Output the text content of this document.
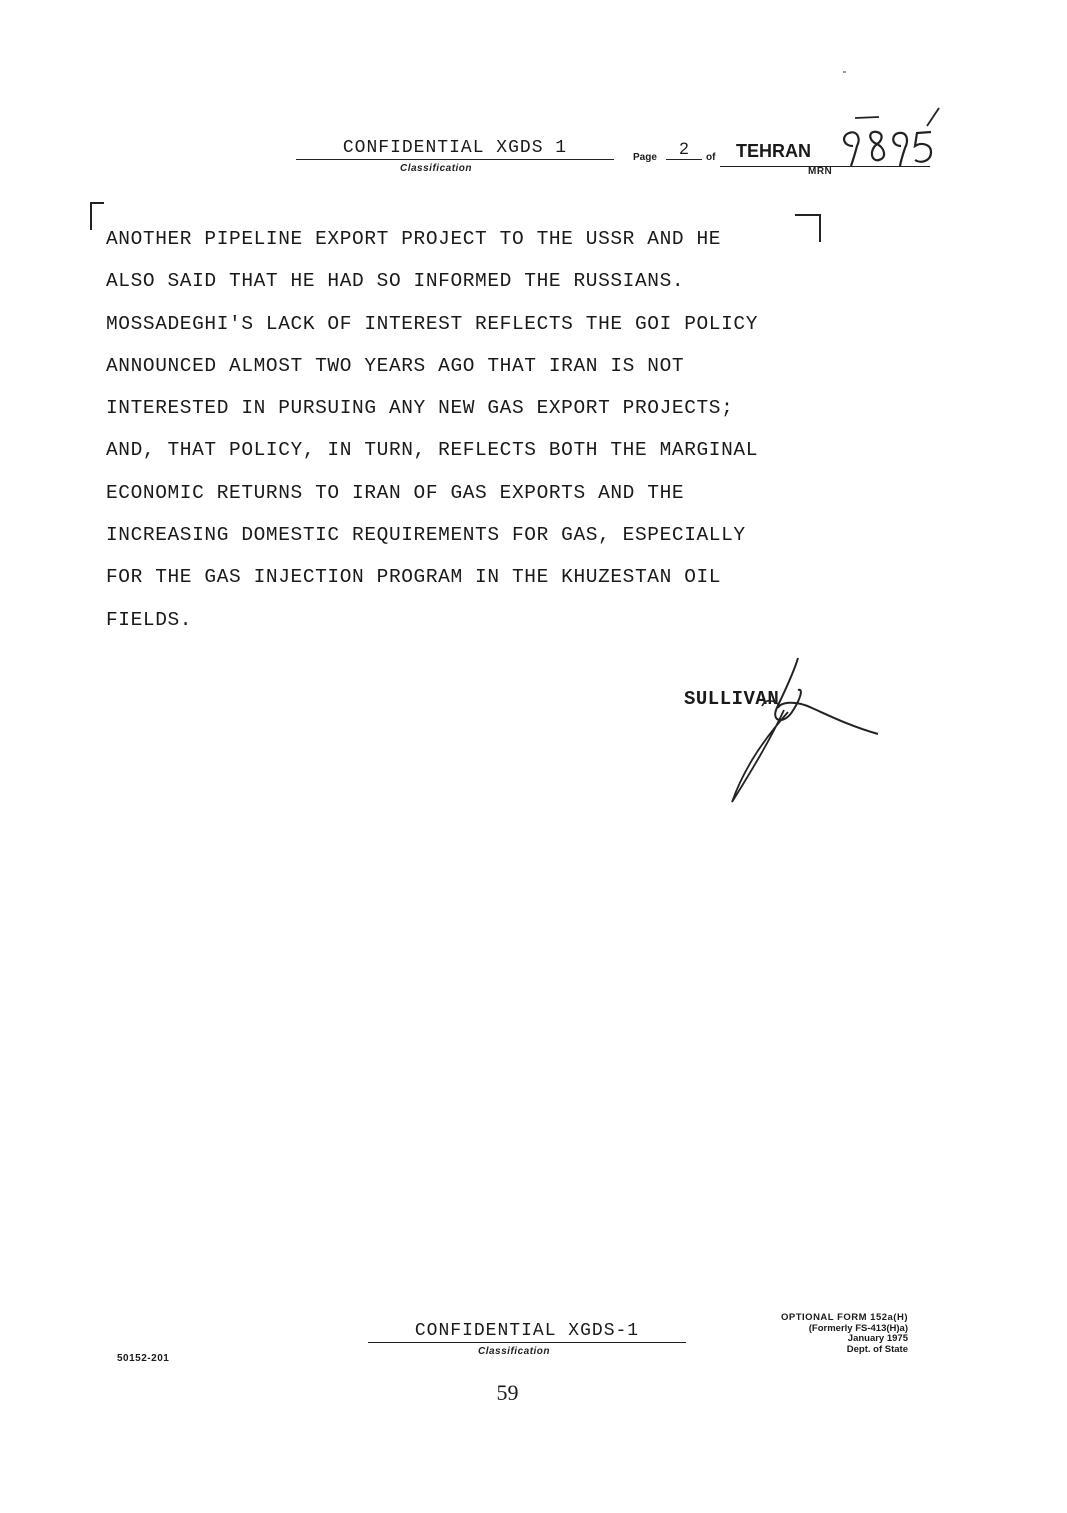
CONFIDENTIAL XGDS 1
Classification
Page	2	of TEHRAN
MRN
ANOTHER PIPELINE EXPORT PROJECT TO THE USSR AND HE
ALSO SAID THAT HE HAD SO INFORMED THE RUSSIANS.
MOSSADEGHI'S LACK OF INTEREST REFLECTS THE GOI POLICY
ANNOUNCED ALMOST TWO YEARS AGO THAT IRAN IS NOT
INTERESTED IN PURSUING ANY NEW GAS EXPORT PROJECTS;
AND, THAT POLICY, IN TURN, REFLECTS BOTH THE MARGINAL
ECONOMIC RETURNS TO IRAN OF GAS EXPORTS AND THE
INCREASING DOMESTIC REQUIREMENTS FOR GAS, ESPECIALLY
FOR THE GAS INJECTION PROGRAM IN THE KHUZESTAN OIL
FIELDS.
SULLIVAN
50152-201
CONFIDENTIAL XGDS-1
Classification
OPTIONAL FORM 152a(H)
(Formerly FS-413(H)a)
January 1975
Dept. of State
59
